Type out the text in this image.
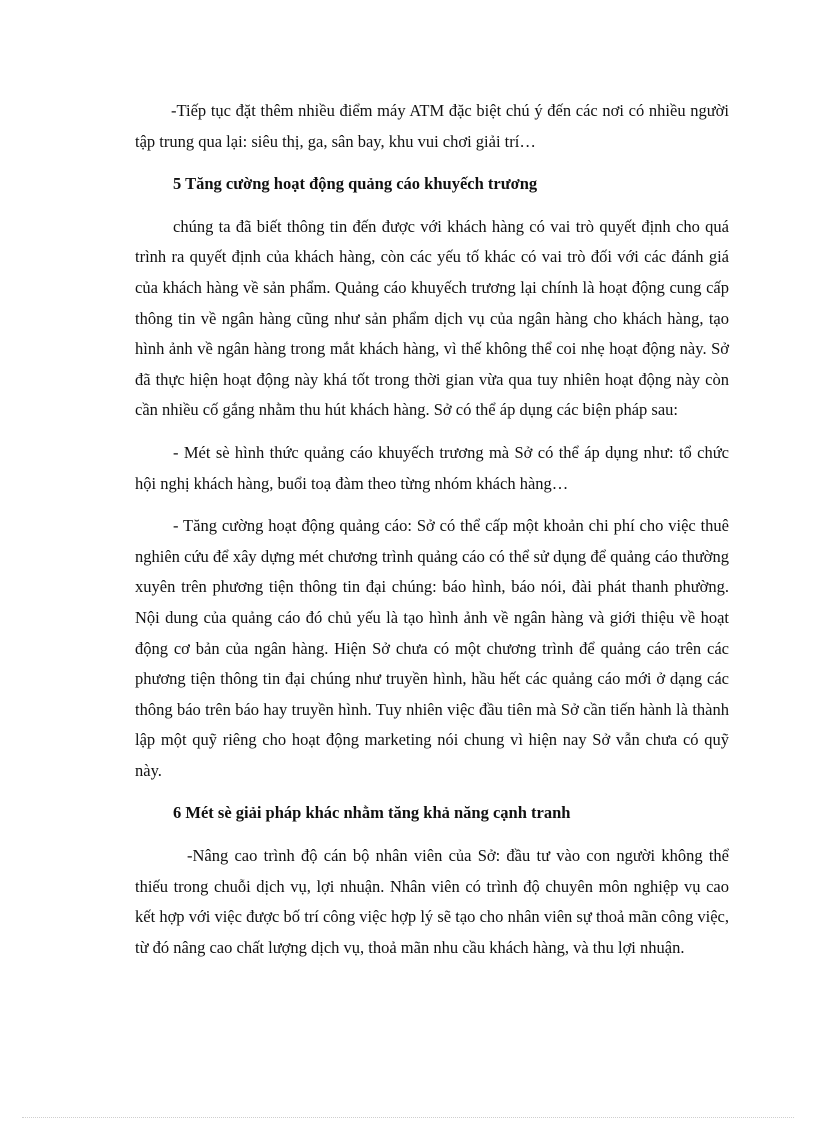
-Tiếp tục đặt thêm nhiều điểm máy ATM đặc biệt chú ý đến các nơi có nhiều người tập trung qua lại: siêu thị, ga, sân bay, khu vui chơi giải trí…

5 Tăng cường hoạt động quảng cáo khuyếch trương

chúng ta đã biết thông tin đến được với khách hàng có vai trò quyết định cho quá trình ra quyết định của khách hàng, còn các yếu tố khác có vai trò đối với các đánh giá của khách hàng về sản phẩm. Quảng cáo khuyếch trương lại chính là hoạt động cung cấp thông tin về ngân hàng cũng như sản phẩm dịch vụ của ngân hàng cho khách hàng, tạo hình ảnh về ngân hàng trong mắt khách hàng, vì thế không thể coi nhẹ hoạt động này. Sở đã thực hiện hoạt động này khá tốt trong thời gian vừa qua tuy nhiên hoạt động này còn cần nhiều cố gắng nhằm thu hút khách hàng. Sở có thể áp dụng các biện pháp sau:

- Mét sè hình thức quảng cáo khuyếch trương mà Sở có thể áp dụng như: tổ chức hội nghị khách hàng, buổi toạ đàm theo từng nhóm khách hàng…

- Tăng cường hoạt động quảng cáo: Sở có thể cấp một khoản chi phí cho việc thuê nghiên cứu để xây dựng mét chương trình quảng cáo có thể sử dụng để quảng cáo thường xuyên trên phương tiện thông tin đại chúng: báo hình, báo nói, đài phát thanh phường. Nội dung của quảng cáo đó chủ yếu là tạo hình ảnh về ngân hàng và giới thiệu về hoạt động cơ bản của ngân hàng. Hiện Sở chưa có một chương trình để quảng cáo trên các phương tiện thông tin đại chúng như truyền hình, hầu hết các quảng cáo mới ở dạng các thông báo trên báo hay truyền hình. Tuy nhiên việc đầu tiên mà Sở cần tiến hành là thành lập một quỹ riêng cho hoạt động marketing nói chung vì hiện nay Sở vẫn chưa có quỹ này.

6 Mét sè giải pháp khác nhằm tăng khả năng cạnh tranh

-Nâng cao trình độ cán bộ nhân viên của Sở: đầu tư vào con người không thể thiếu trong chuỗi dịch vụ, lợi nhuận. Nhân viên có trình độ chuyên môn nghiệp vụ cao kết hợp với việc được bố trí công việc hợp lý sẽ tạo cho nhân viên sự thoả mãn công việc, từ đó nâng cao chất lượng dịch vụ, thoả mãn nhu cầu khách hàng, và thu lợi nhuận.
